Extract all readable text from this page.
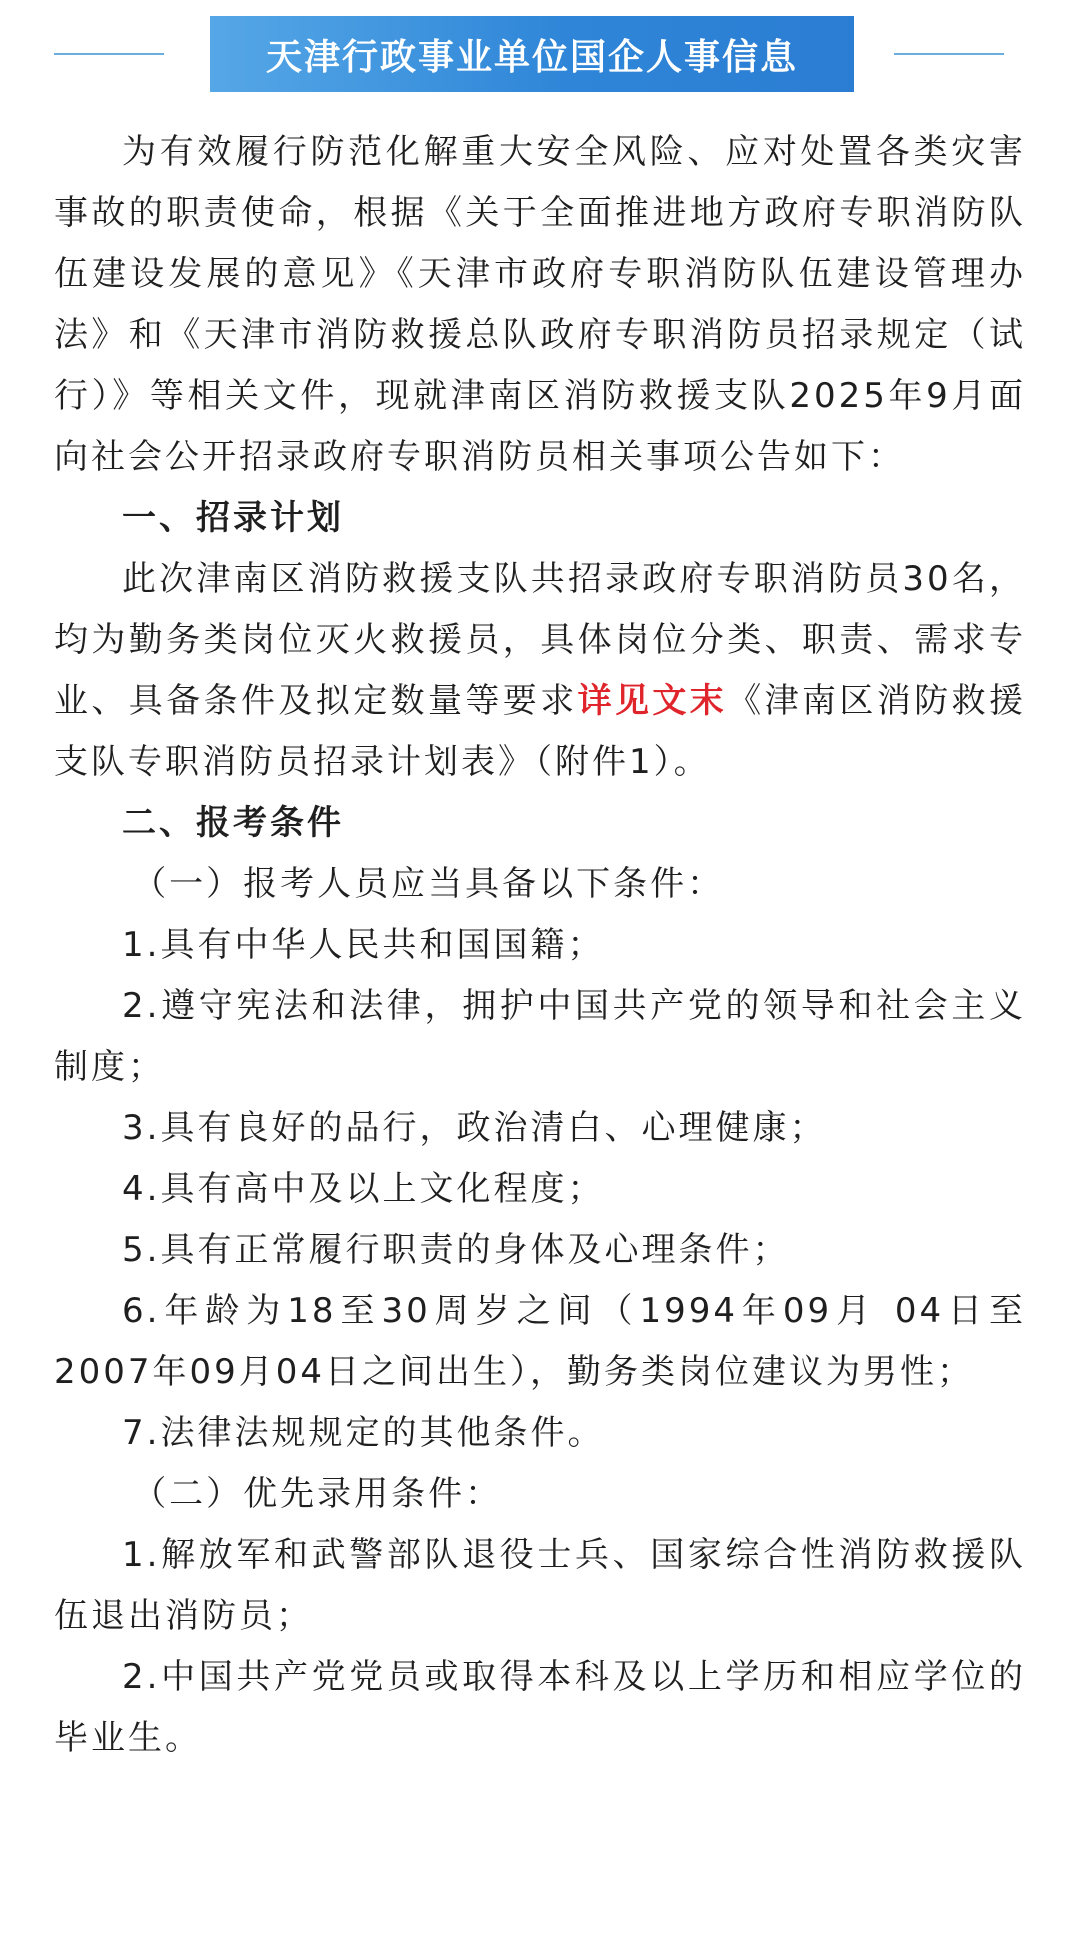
天津行政事业单位国企人事信息

为有效履行防范化解重大安全风险、应对处置各类灾害事故的职责使命，根据《关于全面推进地方政府专职消防队伍建设发展的意见》《天津市政府专职消防队伍建设管理办法》和《天津市消防救援总队政府专职消防员招录规定（试行）》等相关文件，现就津南区消防救援支队2025年9月面向社会公开招录政府专职消防员相关事项公告如下：

一、招录计划

此次津南区消防救援支队共招录政府专职消防员30名，均为勤务类岗位灭火救援员，具体岗位分类、职责、需求专业、具备条件及拟定数量等要求详见文末《津南区消防救援支队专职消防员招录计划表》（附件1）。

二、报考条件

（一）报考人员应当具备以下条件：

1.具有中华人民共和国国籍；

2.遵守宪法和法律，拥护中国共产党的领导和社会主义制度；

3.具有良好的品行，政治清白、心理健康；

4.具有高中及以上文化程度；

5.具有正常履行职责的身体及心理条件；

6.年龄为18至30周岁之间（1994年09月 04日至2007年09月04日之间出生），勤务类岗位建议为男性；

7.法律法规规定的其他条件。

（二）优先录用条件：

1.解放军和武警部队退役士兵、国家综合性消防救援队伍退出消防员；

2.中国共产党党员或取得本科及以上学历和相应学位的毕业生。
